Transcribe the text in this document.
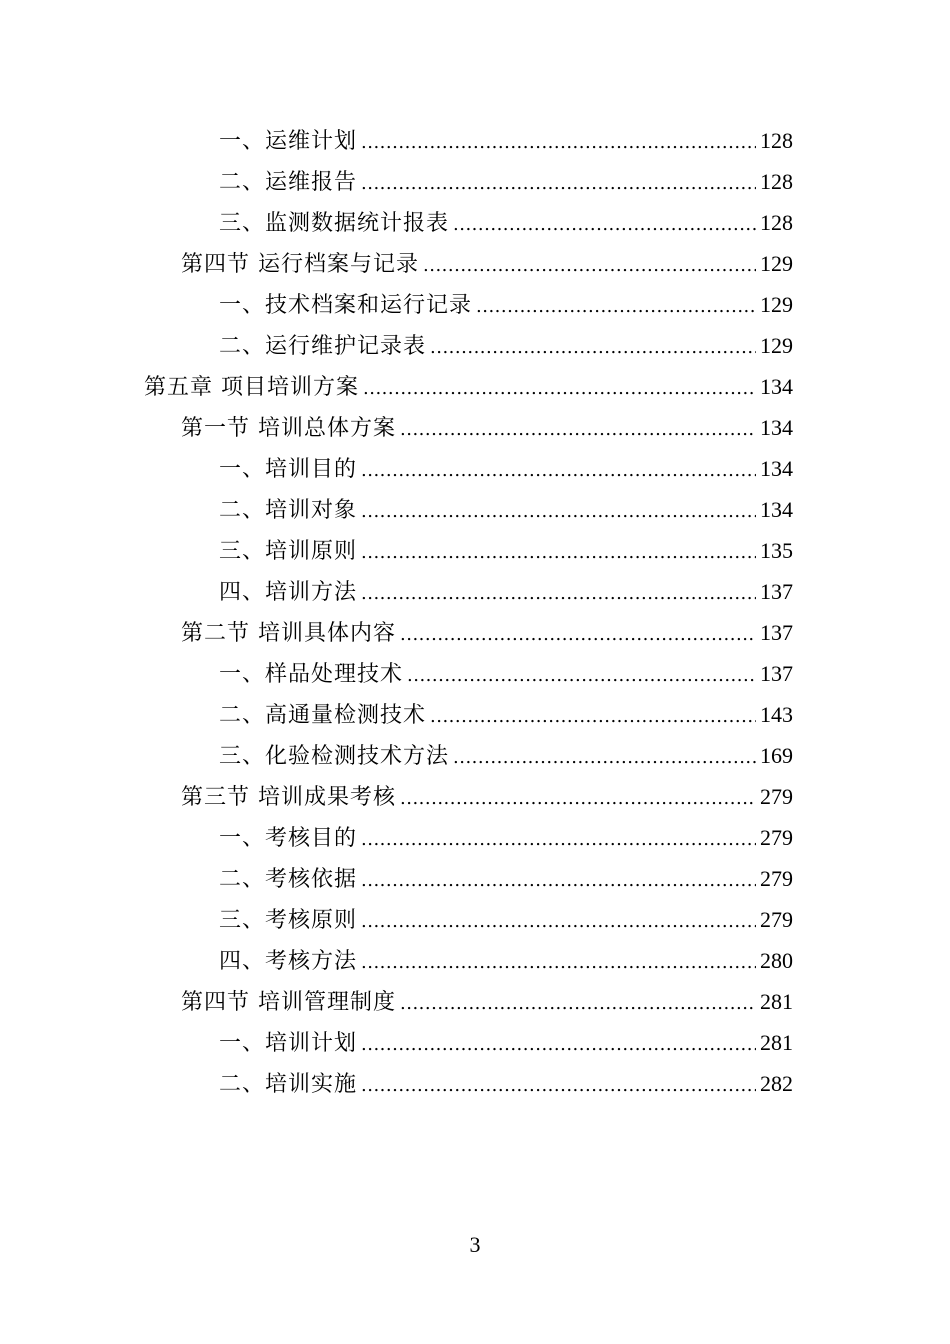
一、运维计划 .....	128
二、运维报告 .....	128
三、监测数据统计报表 .....	128
第四节 运行档案与记录 .....	129
一、技术档案和运行记录 .....	129
二、运行维护记录表 .....	129
第五章 项目培训方案 .....	134
第一节 培训总体方案 .....	134
一、培训目的 .....	134
二、培训对象 .....	134
三、培训原则 .....	135
四、培训方法 .....	137
第二节 培训具体内容 .....	137
一、样品处理技术 .....	137
二、高通量检测技术 .....	143
三、化验检测技术方法 .....	169
第三节 培训成果考核 .....	279
一、考核目的 .....	279
二、考核依据 .....	279
三、考核原则 .....	279
四、考核方法 .....	280
第四节 培训管理制度 .....	281
一、培训计划 .....	281
二、培训实施 .....	282
3
